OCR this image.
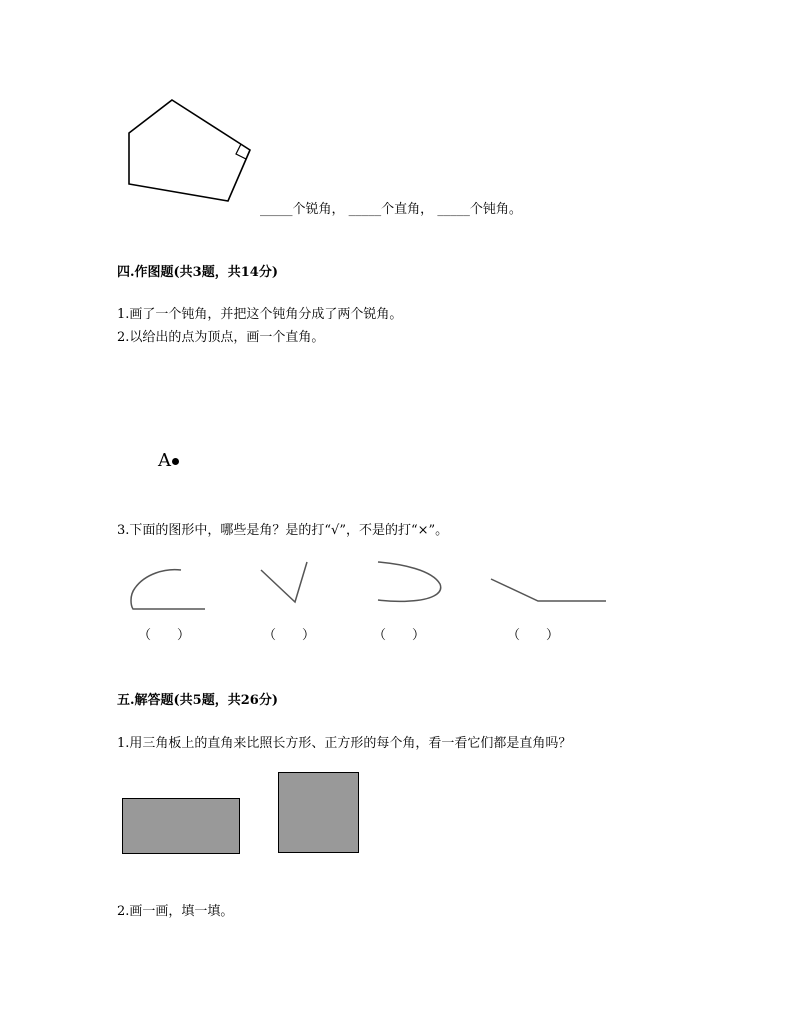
_____个锐角， _____个直角， _____个钝角。
四.作图题(共3题，共14分)
1.画了一个钝角，并把这个钝角分成了两个锐角。
2.以给出的点为顶点，画一个直角。
A
3.下面的图形中，哪些是角？是的打“√”，不是的打“×”。
（　　）	（　　）	（　　）	（　　）
五.解答题(共5题，共26分)
1.用三角板上的直角来比照长方形、正方形的每个角，看一看它们都是直角吗？
2.画一画，填一填。
